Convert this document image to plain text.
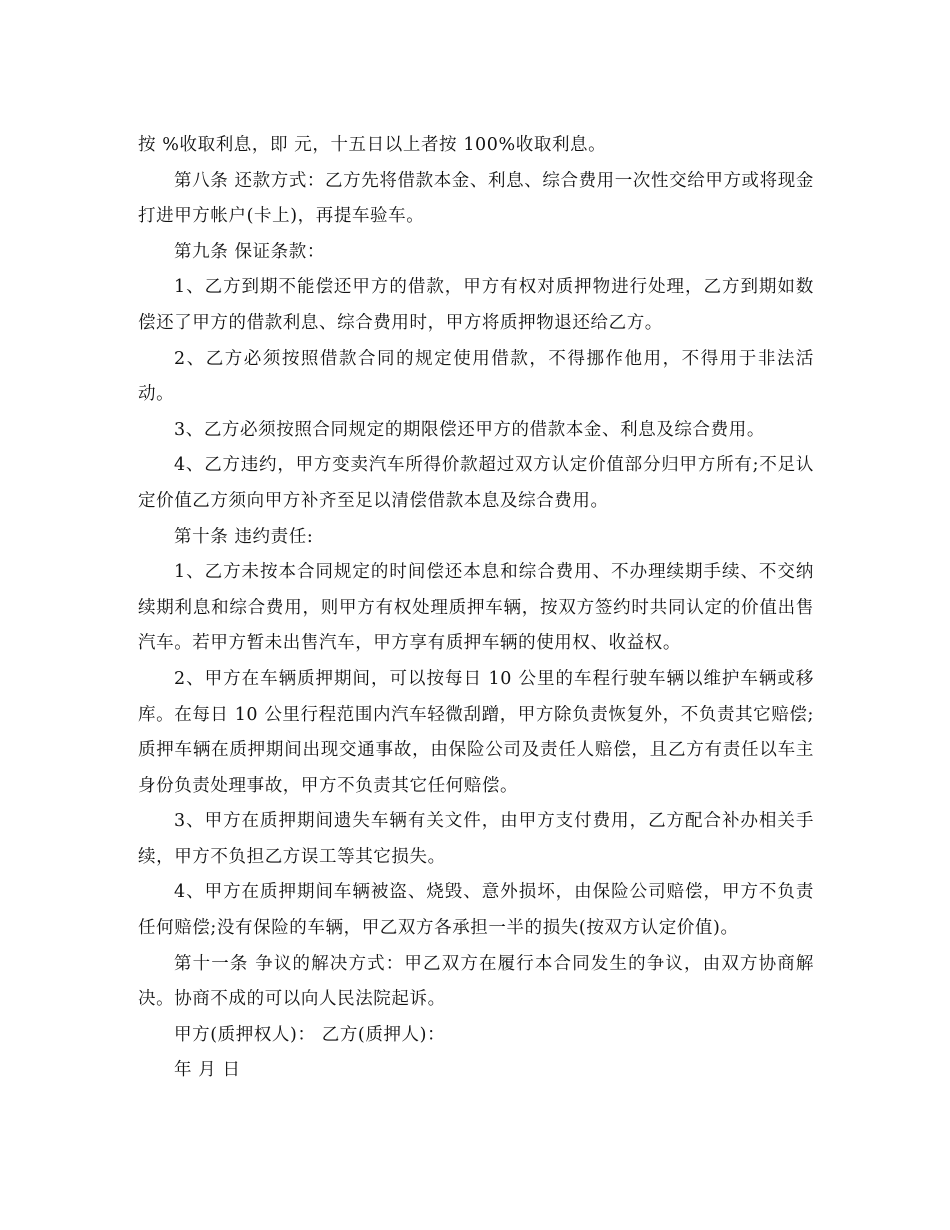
按 %收取利息，即 元，十五日以上者按 100%收取利息。

第八条 还款方式：乙方先将借款本金、利息、综合费用一次性交给甲方或将现金打进甲方帐户(卡上)，再提车验车。

第九条 保证条款：

1、乙方到期不能偿还甲方的借款，甲方有权对质押物进行处理，乙方到期如数偿还了甲方的借款利息、综合费用时，甲方将质押物退还给乙方。

2、乙方必须按照借款合同的规定使用借款，不得挪作他用，不得用于非法活动。

3、乙方必须按照合同规定的期限偿还甲方的借款本金、利息及综合费用。

4、乙方违约，甲方变卖汽车所得价款超过双方认定价值部分归甲方所有;不足认定价值乙方须向甲方补齐至足以清偿借款本息及综合费用。

第十条 违约责任:

1、乙方未按本合同规定的时间偿还本息和综合费用、不办理续期手续、不交纳续期利息和综合费用，则甲方有权处理质押车辆，按双方签约时共同认定的价值出售汽车。若甲方暂未出售汽车，甲方享有质押车辆的使用权、收益权。

2、甲方在车辆质押期间，可以按每日 10 公里的车程行驶车辆以维护车辆或移库。在每日 10 公里行程范围内汽车轻微刮蹭，甲方除负责恢复外，不负责其它赔偿;质押车辆在质押期间出现交通事故，由保险公司及责任人赔偿，且乙方有责任以车主身份负责处理事故，甲方不负责其它任何赔偿。

3、甲方在质押期间遗失车辆有关文件，由甲方支付费用，乙方配合补办相关手续，甲方不负担乙方误工等其它损失。

4、甲方在质押期间车辆被盗、烧毁、意外损坏，由保险公司赔偿，甲方不负责任何赔偿;没有保险的车辆，甲乙双方各承担一半的损失(按双方认定价值)。

第十一条 争议的解决方式：甲乙双方在履行本合同发生的争议，由双方协商解决。协商不成的可以向人民法院起诉。

甲方(质押权人)： 乙方(质押人)：

年 月 日
